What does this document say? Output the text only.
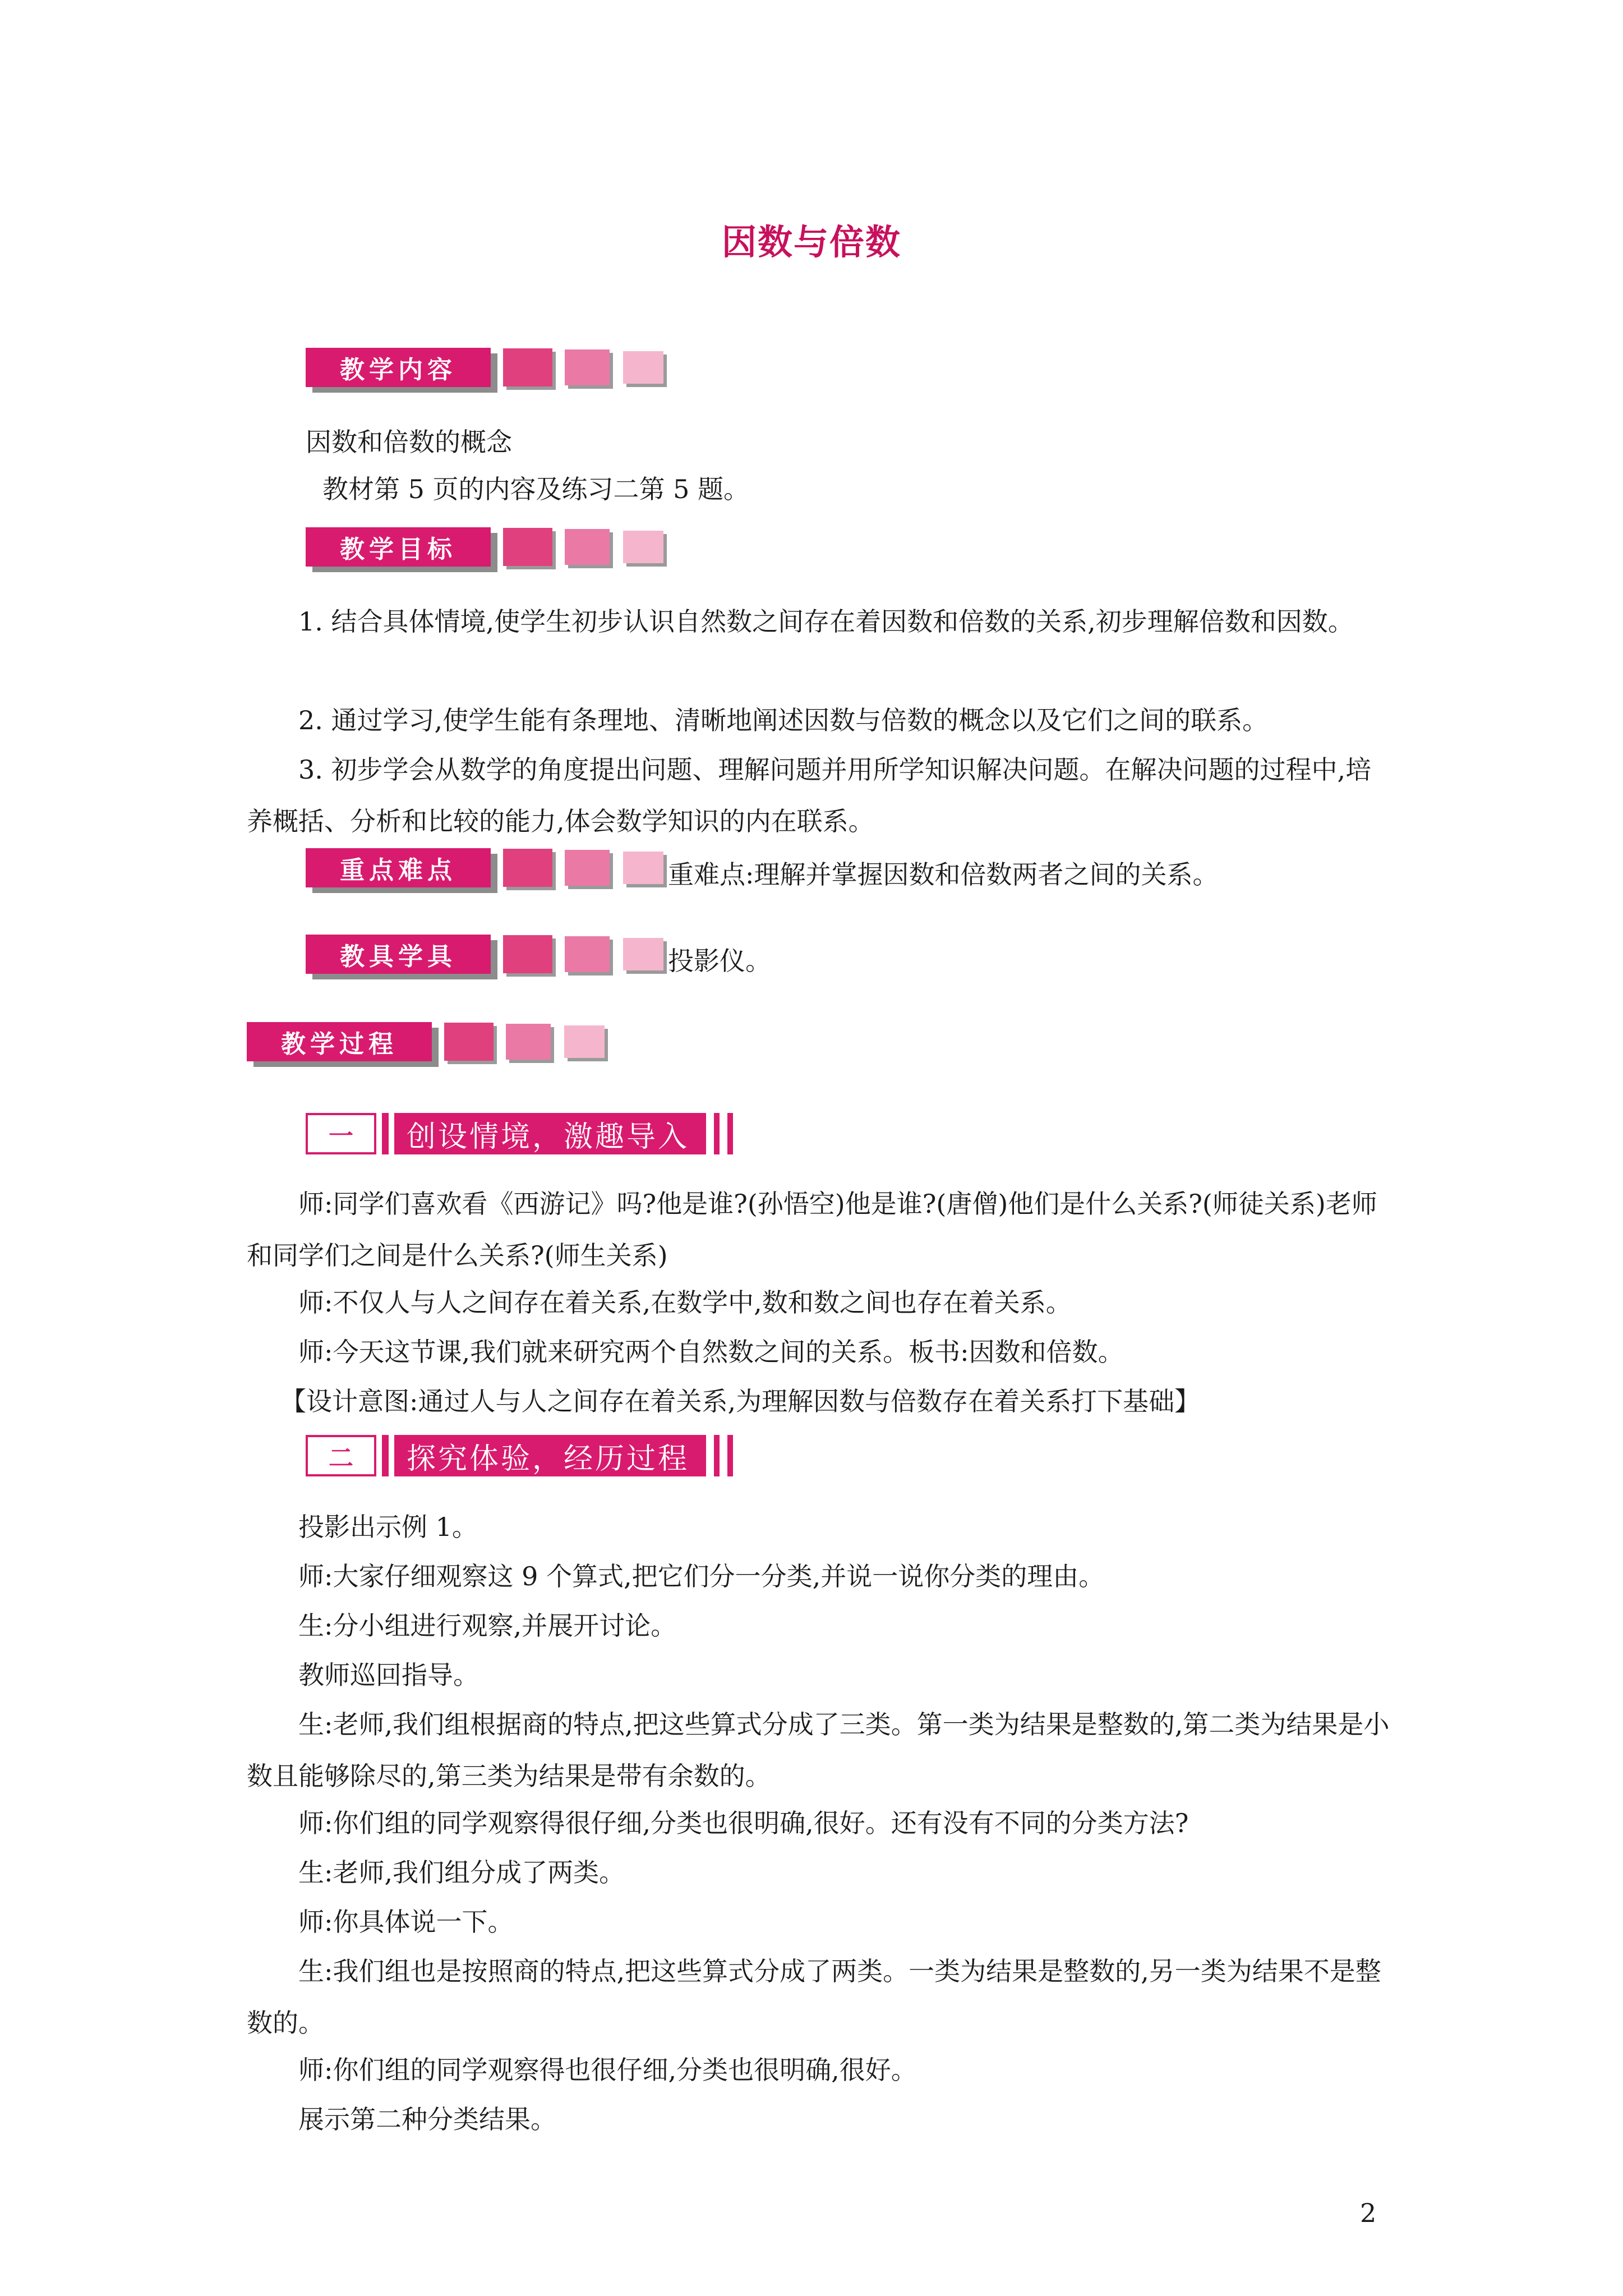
因数与倍数
教学内容
因数和倍数的概念
教材第 5 页的内容及练习二第 5 题。
教学目标
1. 结合具体情境,使学生初步认识自然数之间存在着因数和倍数的关系,初步理解倍数和因数。
2. 通过学习,使学生能有条理地、清晰地阐述因数与倍数的概念以及它们之间的联系。
3. 初步学会从数学的角度提出问题、理解问题并用所学知识解决问题。在解决问题的过程中,培养概括、分析和比较的能力,体会数学知识的内在联系。
重点难点	重难点:理解并掌握因数和倍数两者之间的关系。
教具学具	投影仪。
教学过程
一	创设情境，激趣导入
师:同学们喜欢看《西游记》吗?他是谁?(孙悟空)他是谁?(唐僧)他们是什么关系?(师徒关系)老师和同学们之间是什么关系?(师生关系)
师:不仅人与人之间存在着关系,在数学中,数和数之间也存在着关系。
师:今天这节课,我们就来研究两个自然数之间的关系。板书:因数和倍数。
【设计意图:通过人与人之间存在着关系,为理解因数与倍数存在着关系打下基础】
二	探究体验，经历过程
投影出示例 1。
师:大家仔细观察这 9 个算式,把它们分一分类,并说一说你分类的理由。
生:分小组进行观察,并展开讨论。
教师巡回指导。
生:老师,我们组根据商的特点,把这些算式分成了三类。第一类为结果是整数的,第二类为结果是小数且能够除尽的,第三类为结果是带有余数的。
师:你们组的同学观察得很仔细,分类也很明确,很好。还有没有不同的分类方法?
生:老师,我们组分成了两类。
师:你具体说一下。
生:我们组也是按照商的特点,把这些算式分成了两类。一类为结果是整数的,另一类为结果不是整数的。
师:你们组的同学观察得也很仔细,分类也很明确,很好。
展示第二种分类结果。
2
